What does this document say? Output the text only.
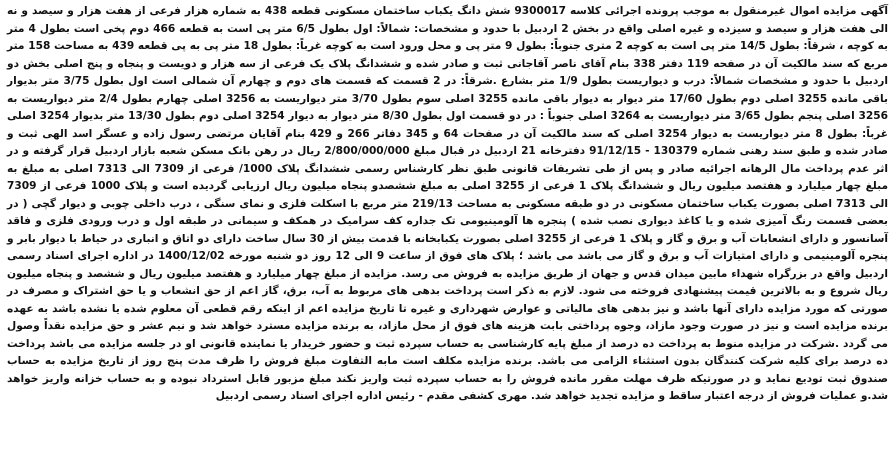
آگهی مزایده اموال غیرمنقول به موجب پرونده اجرائی کلاسه 9300017 شش دانگ یکباب ساختمان مسکونی قطعه 438 به شماره هزار فرعی از هفت هزار و سیصد و نه الی هفت هزار و سیصد و سیزده و غیره اصلی واقع در بخش 2 اردبیل با حدود و مشخصات: شمالاً: اول بطول 6/5 متر پی است به قطعه 466 دوم پخی است بطول 4 متر به کوچه ، شرقاً: بطول 14/5 متر پی است به کوچه 2 متری جنوباً: بطول 9 متر پی و محل ورود است به کوچه غرباً: بطول 18 متر پی به پی قطعه 439 به مساحت 158 متر مربع که سند مالکیت آن در صفحه 119 دفتر 338 بنام آقای ناصر آقاجانی ثبت و صادر شده و ششدانگ پلاک یک فرعی از سه هزار و دویست و پنجاه و پنج اصلی بخش دو اردبیل با حدود و مشخصات شمالاً: درب و دیواریست بطول 1/9 متر بشارع .شرقاً: در 2 قسمت که قسمت های دوم و چهارم آن شمالی است اول بطول 3/75 متر بدیوار باقی مانده 3255 اصلی دوم بطول 17/60 متر دیوار به دیوار باقی مانده 3255 اصلی سوم بطول 3/70 متر دیواریست به 3256 اصلی چهارم بطول 2/4 متر دیواریست به 3256 اصلی پنجم بطول 3/65 متر دیواریست به 3264 اصلی جنوباً : در دو قسمت اول بطول 8/30 متر دیوار به دیوار 3254 اصلی دوم بطول 13/30 متر بدیوار 3254 اصلی غرباً: بطول 8 متر دیواریست به دیوار 3254 اصلی که سند مالکیت آن در صفحات 64 و 345 دفاتر 266 و 429 بنام آقایان مرتضی رسول زاده و عسگر اسد الهی ثبت و صادر شده و طبق سند رهنی شماره 130379 - 91/12/15 دفترخانه 21 اردبیل در قبال مبلغ 2/800/000/000 ریال در رهن بانک مسکن شعبه بازار اردبیل قرار گرفته و در اثر عدم پرداخت مال الرهانه اجرائیه صادر و پس از طی تشریفات قانونی طبق نظر کارشناس رسمی ششدانگ پلاک 1000/ فرعی از 7309 الی 7313 اصلی به مبلغ به مبلغ چهار میلیارد و هفتصد میلیون ریال و ششدانگ پلاک 1 فرعی از 3255 اصلی به مبلغ ششصدو پنجاه میلیون ریال ارزیابی گردیده است و پلاک 1000 فرعی از 7309 الی 7313 اصلی بصورت یکباب ساختمان مسکونی در دو طبقه مسکونی به مساحت 219/13 متر مربع با اسکلت فلزی و نمای سنگی ، درب داخلی چوبی و دیوار گچی ( در بعضی قسمت رنگ آمیزی شده و یا کاغذ دیواری نصب شده ) پنجره ها آلومینیومی تک جداره کف سرامیک در همکف و سیمانی در طبقه اول و درب ورودی فلزی و فاقد آسانسور و دارای انشعابات آب و برق و گاز و پلاک 1 فرعی از 3255 اصلی بصورت یکبابخانه با قدمت بیش از 30 سال ساخت دارای دو اتاق و انباری در حیاط با دیوار بابر و پنجره آلومینیمی و دارای امتیازات آب و برق و گاز می باشد می باشد ؛ پلاک های فوق از ساعت 9 الی 12 روز دو شنبه مورخه 1400/12/02 در اداره اجرای اسناد رسمی اردبیل واقع در بزرگراه شهداء مابین میدان قدس و جهان از طریق مزایده به فروش می رسد. مزایده از مبلغ چهار میلیارد و هفتصد میلیون ریال و ششصد و پنجاه میلیون ریال شروع و به بالاترین قیمت پیشنهادی فروخته می شود. لازم به ذکر است پرداخت بدهی های مربوط به آب، برق، گاز اعم از حق انشعاب و یا حق اشتراک و مصرف در صورتی که مورد مزایده دارای آنها باشد و نیز بدهی های مالیاتی و عوارض شهرداری و غیره تا تاریخ مزایده اعم از اینکه رقم قطعی آن معلوم شده یا نشده باشد به عهده برنده مزایده است و نیز در صورت وجود مازاد، وجوه پرداختی بابت هزینه های فوق از محل مازاد، به برنده مزایده مسترد خواهد شد و نیم عشر و حق مزایده نقداً وصول می گردد .شرکت در مزایده منوط به پرداخت ده درصد از مبلغ پایه کارشناسی به حساب سپرده ثبت و حضور خریدار یا نماینده قانونی او در جلسه مزایده می باشد پرداخت ده درصد برای کلیه شرکت کنندگان بدون استثناء الزامی می باشد. برنده مزایده مکلف است مابه التفاوت مبلغ فروش را ظرف مدت پنج روز از تاریخ مزایده به حساب صندوق ثبت تودیع نماید و در صورتیکه ظرف مهلت مقرر مانده فروش را به حساب سپرده ثبت واریز نکند مبلغ مزبور قابل استرداد نبوده و به حساب خزانه واریز خواهد شد.و عملیات فروش از درجه اعتبار ساقط و مزایده تجدید خواهد شد. مهری کشفی مقدم - رئیس اداره اجرای اسناد رسمی اردبیل
